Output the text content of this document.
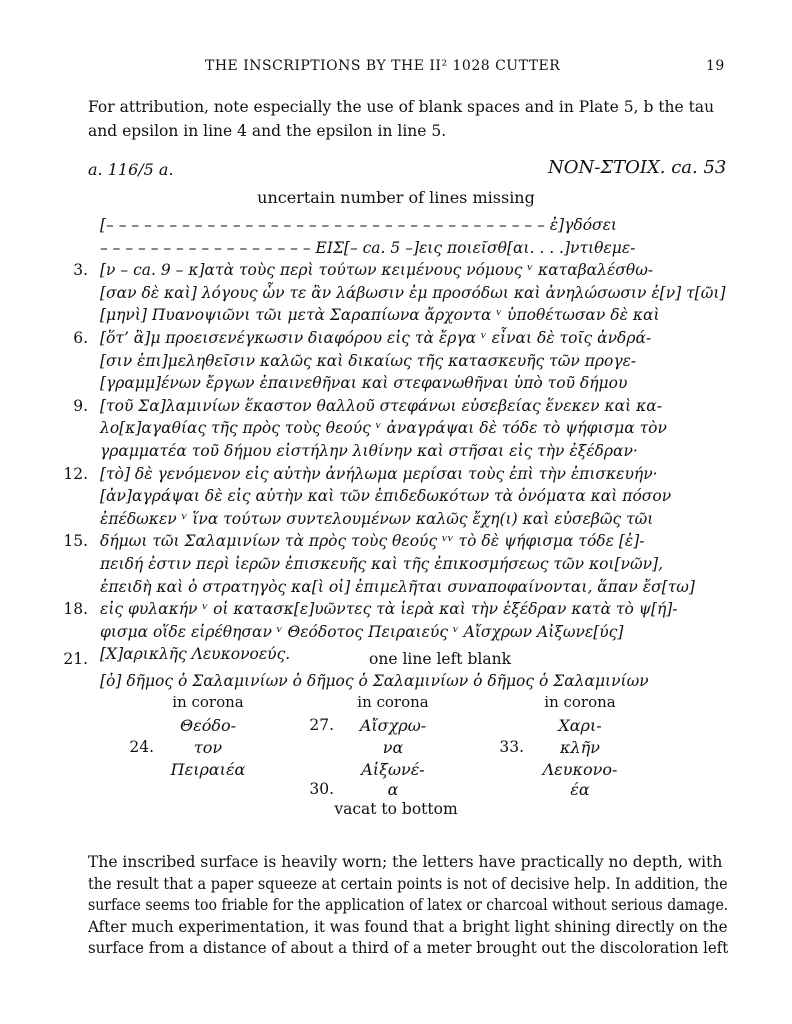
THE INSCRIPTIONS BY THE II² 1028 CUTTER	19
For attribution, note especially the use of blank spaces and in Plate 5, b the tau and epsilon in line 4 and the epsilon in line 5.
a. 116/5 a.	NON-ΣΤΟΙΧ. ca. 53
uncertain number of lines missing
[– – – – – – – – – – – – – – – – – – – – – – – – – – – – – – – – – – – ἐ]γδόσει
– – – – – – – – – – – – – – – – – ΕΙΣ[– ca. 5 –]εις ποιεῖσθ[αι. . . .]ντιθεμε-
3. [ν – ca. 9 – κ]ατὰ τοὺς περὶ τούτων κειμένους νόμους ᵛ καταβαλέσθω-
[σαν δὲ καὶ] λόγους ὧν τε ἂν λάβωσιν ἐμ προσόδωι καὶ ἀνηλώσωσιν ἐ[ν] τ[ῶι]
[μηνὶ] Πυανοψιῶνι τῶι μετὰ Σαραπίωνα ἄρχοντα ᵛ ὑποθέτωσαν δὲ καὶ
6. [ὅτ’ ἃ]μ προεισενέγκωσιν διαφόρου εἰς τὰ ἔργα ᵛ εἶναι δὲ τοῖς ἀνδρά-
[σιν ἐπι]μεληθεῖσιν καλῶς καὶ δικαίως τῆς κατασκευῆς τῶν προγε-
[γραμμ]ένων ἔργων ἐπαινεθῆναι καὶ στεφανωθῆναι ὑπὸ τοῦ δήμου
9. [τοῦ Σα]λαμινίων ἕκαστον θαλλοῦ στεφάνωι εὐσεβείας ἕνεκεν καὶ κα-
λο[κ]αγαθίας τῆς πρὸς τοὺς θεούς ᵛ ἀναγράψαι δὲ τόδε τὸ ψήφισμα τὸν
γραμματέα τοῦ δήμου εἰστήλην λιθίνην καὶ στῆσαι εἰς τὴν ἐξέδραν·
12. [τὸ] δὲ γενόμενον εἰς αὐτὴν ἀνήλωμα μερίσαι τοὺς ἐπὶ τὴν ἐπισκευήν·
[ἀν]αγράψαι δὲ εἰς αὐτὴν καὶ τῶν ἐπιδεδωκότων τὰ ὀνόματα καὶ πόσον
ἐπέδωκεν ᵛ ἵνα τούτων συντελουμένων καλῶς ἔχη(ι) καὶ εὐσεβῶς τῶι
15. δήμωι τῶι Σαλαμινίων τὰ πρὸς τοὺς θεούς ᵛᵛ τὸ δὲ ψήφισμα τόδε [ἐ]-
πειδή ἐστιν περὶ ἱερῶν ἐπισκευῆς καὶ τῆς ἐπικοσμήσεως τῶν κοι[νῶν],
ἐπειδὴ καὶ ὁ στρατηγὸς κα[ὶ οἱ] ἐπιμελῆται συναποφαίνονται, ἅπαν ἔσ[τω]
18. εἰς φυλακήν ᵛ οἱ κατασκ[ε]υῶντες τὰ ἱερὰ καὶ τὴν ἐξέδραν κατὰ τὸ ψ[ή]-
φισμα οἵδε εἱρέθησαν ᵛ Θεόδοτος Πειραιεύς ᵛ Αἴσχρων Αἰξωνε[ύς]
[Χ]αρικλῆς Λευκονοεύς.
21.	one line left blank
[ὁ] δῆμος ὁ Σαλαμινίων ὁ δῆμος ὁ Σαλαμινίων ὁ δῆμος ὁ Σαλαμινίων
in corona
Θεόδο-
τον
Πειραιέα
24.
in corona
Αἴσχρω-
να
Αἰξωνέ-
α
27.
30.
in corona
Χαρι-
κλῆν
Λευκονο-
έα
33.
vacat to bottom
The inscribed surface is heavily worn; the letters have practically no depth, with
the result that a paper squeeze at certain points is not of decisive help. In addition, the
surface seems too friable for the application of latex or charcoal without serious damage.
After much experimentation, it was found that a bright light shining directly on the
surface from a distance of about a third of a meter brought out the discoloration left
